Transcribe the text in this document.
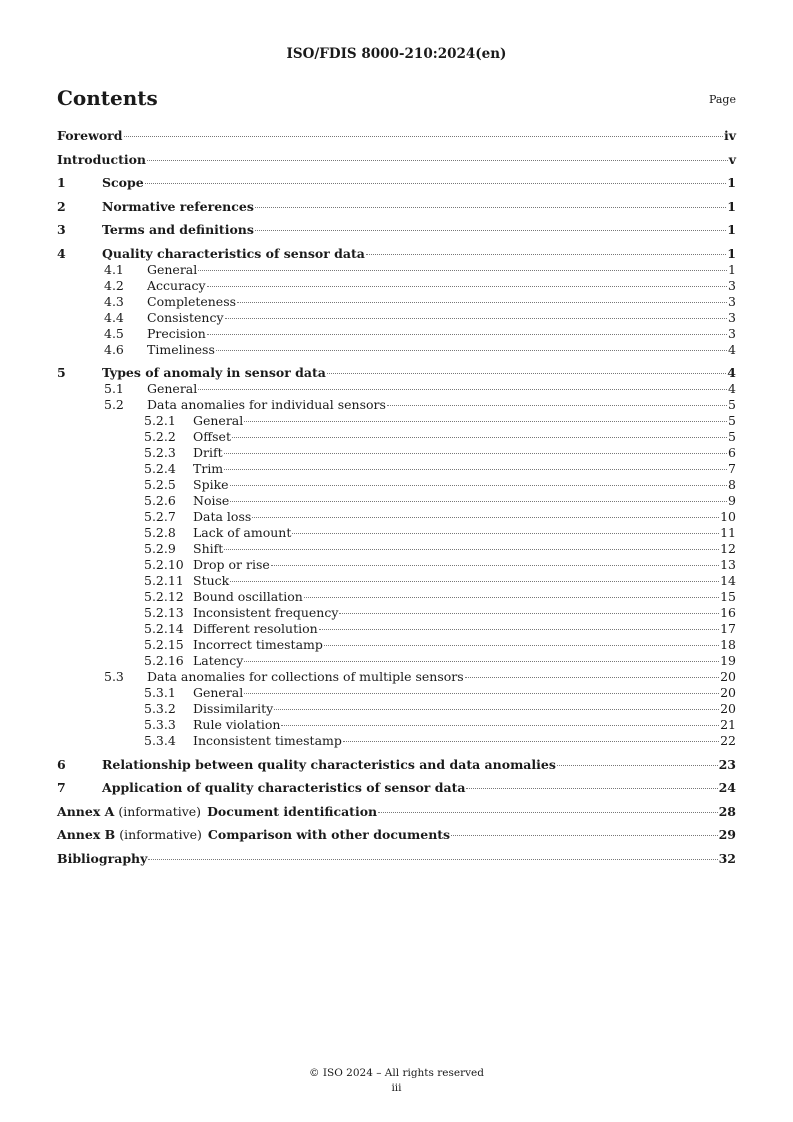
ISO/FDIS 8000-210:2024(en)
Contents	Page
Foreword	iv
Introduction	v
1	Scope	1
2	Normative references	1
3	Terms and definitions	1
4	Quality characteristics of sensor data	1
4.1	General	1
4.2	Accuracy	3
4.3	Completeness	3
4.4	Consistency	3
4.5	Precision	3
4.6	Timeliness	4
5	Types of anomaly in sensor data	4
5.1	General	4
5.2	Data anomalies for individual sensors	5
5.2.1	General	5
5.2.2	Offset	5
5.2.3	Drift	6
5.2.4	Trim	7
5.2.5	Spike	8
5.2.6	Noise	9
5.2.7	Data loss	10
5.2.8	Lack of amount	11
5.2.9	Shift	12
5.2.10 Drop or rise	13
5.2.11 Stuck	14
5.2.12 Bound oscillation	15
5.2.13 Inconsistent frequency	16
5.2.14 Different resolution	17
5.2.15 Incorrect timestamp	18
5.2.16 Latency	19
5.3	Data anomalies for collections of multiple sensors	20
5.3.1	General	20
5.3.2	Dissimilarity	20
5.3.3	Rule violation	21
5.3.4	Inconsistent timestamp	22
6	Relationship between quality characteristics and data anomalies	23
7	Application of quality characteristics of sensor data	24
Annex A (informative) Document identification	28
Annex B (informative) Comparison with other documents	29
Bibliography	32
© ISO 2024 – All rights reserved
iii
